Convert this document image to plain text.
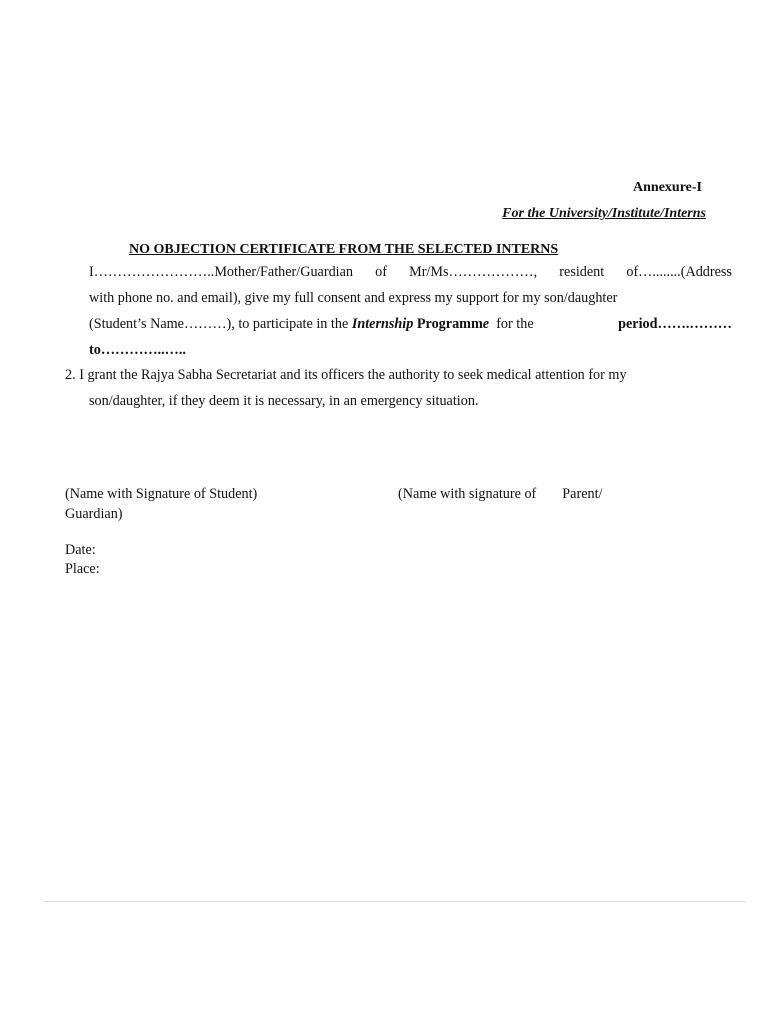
Annexure-I

For the University/Institute/Interns

NO OBJECTION CERTIFICATE FROM THE SELECTED INTERNS

I……………………..Mother/Father/Guardian of Mr/Ms………………, resident of…........(Address
with phone no. and email), give my full consent and express my support for my son/daughter
(Student’s Name………), to participate in the Internship Programme  for the	period…….………
to…………..…..
2. I grant the Rajya Sabha Secretariat and its officers the authority to seek medical attention for my
son/daughter, if they deem it is necessary, in an emergency situation.
(Name with Signature of Student)	(Name with signature of Parent/
Guardian)

Date:

Place:
